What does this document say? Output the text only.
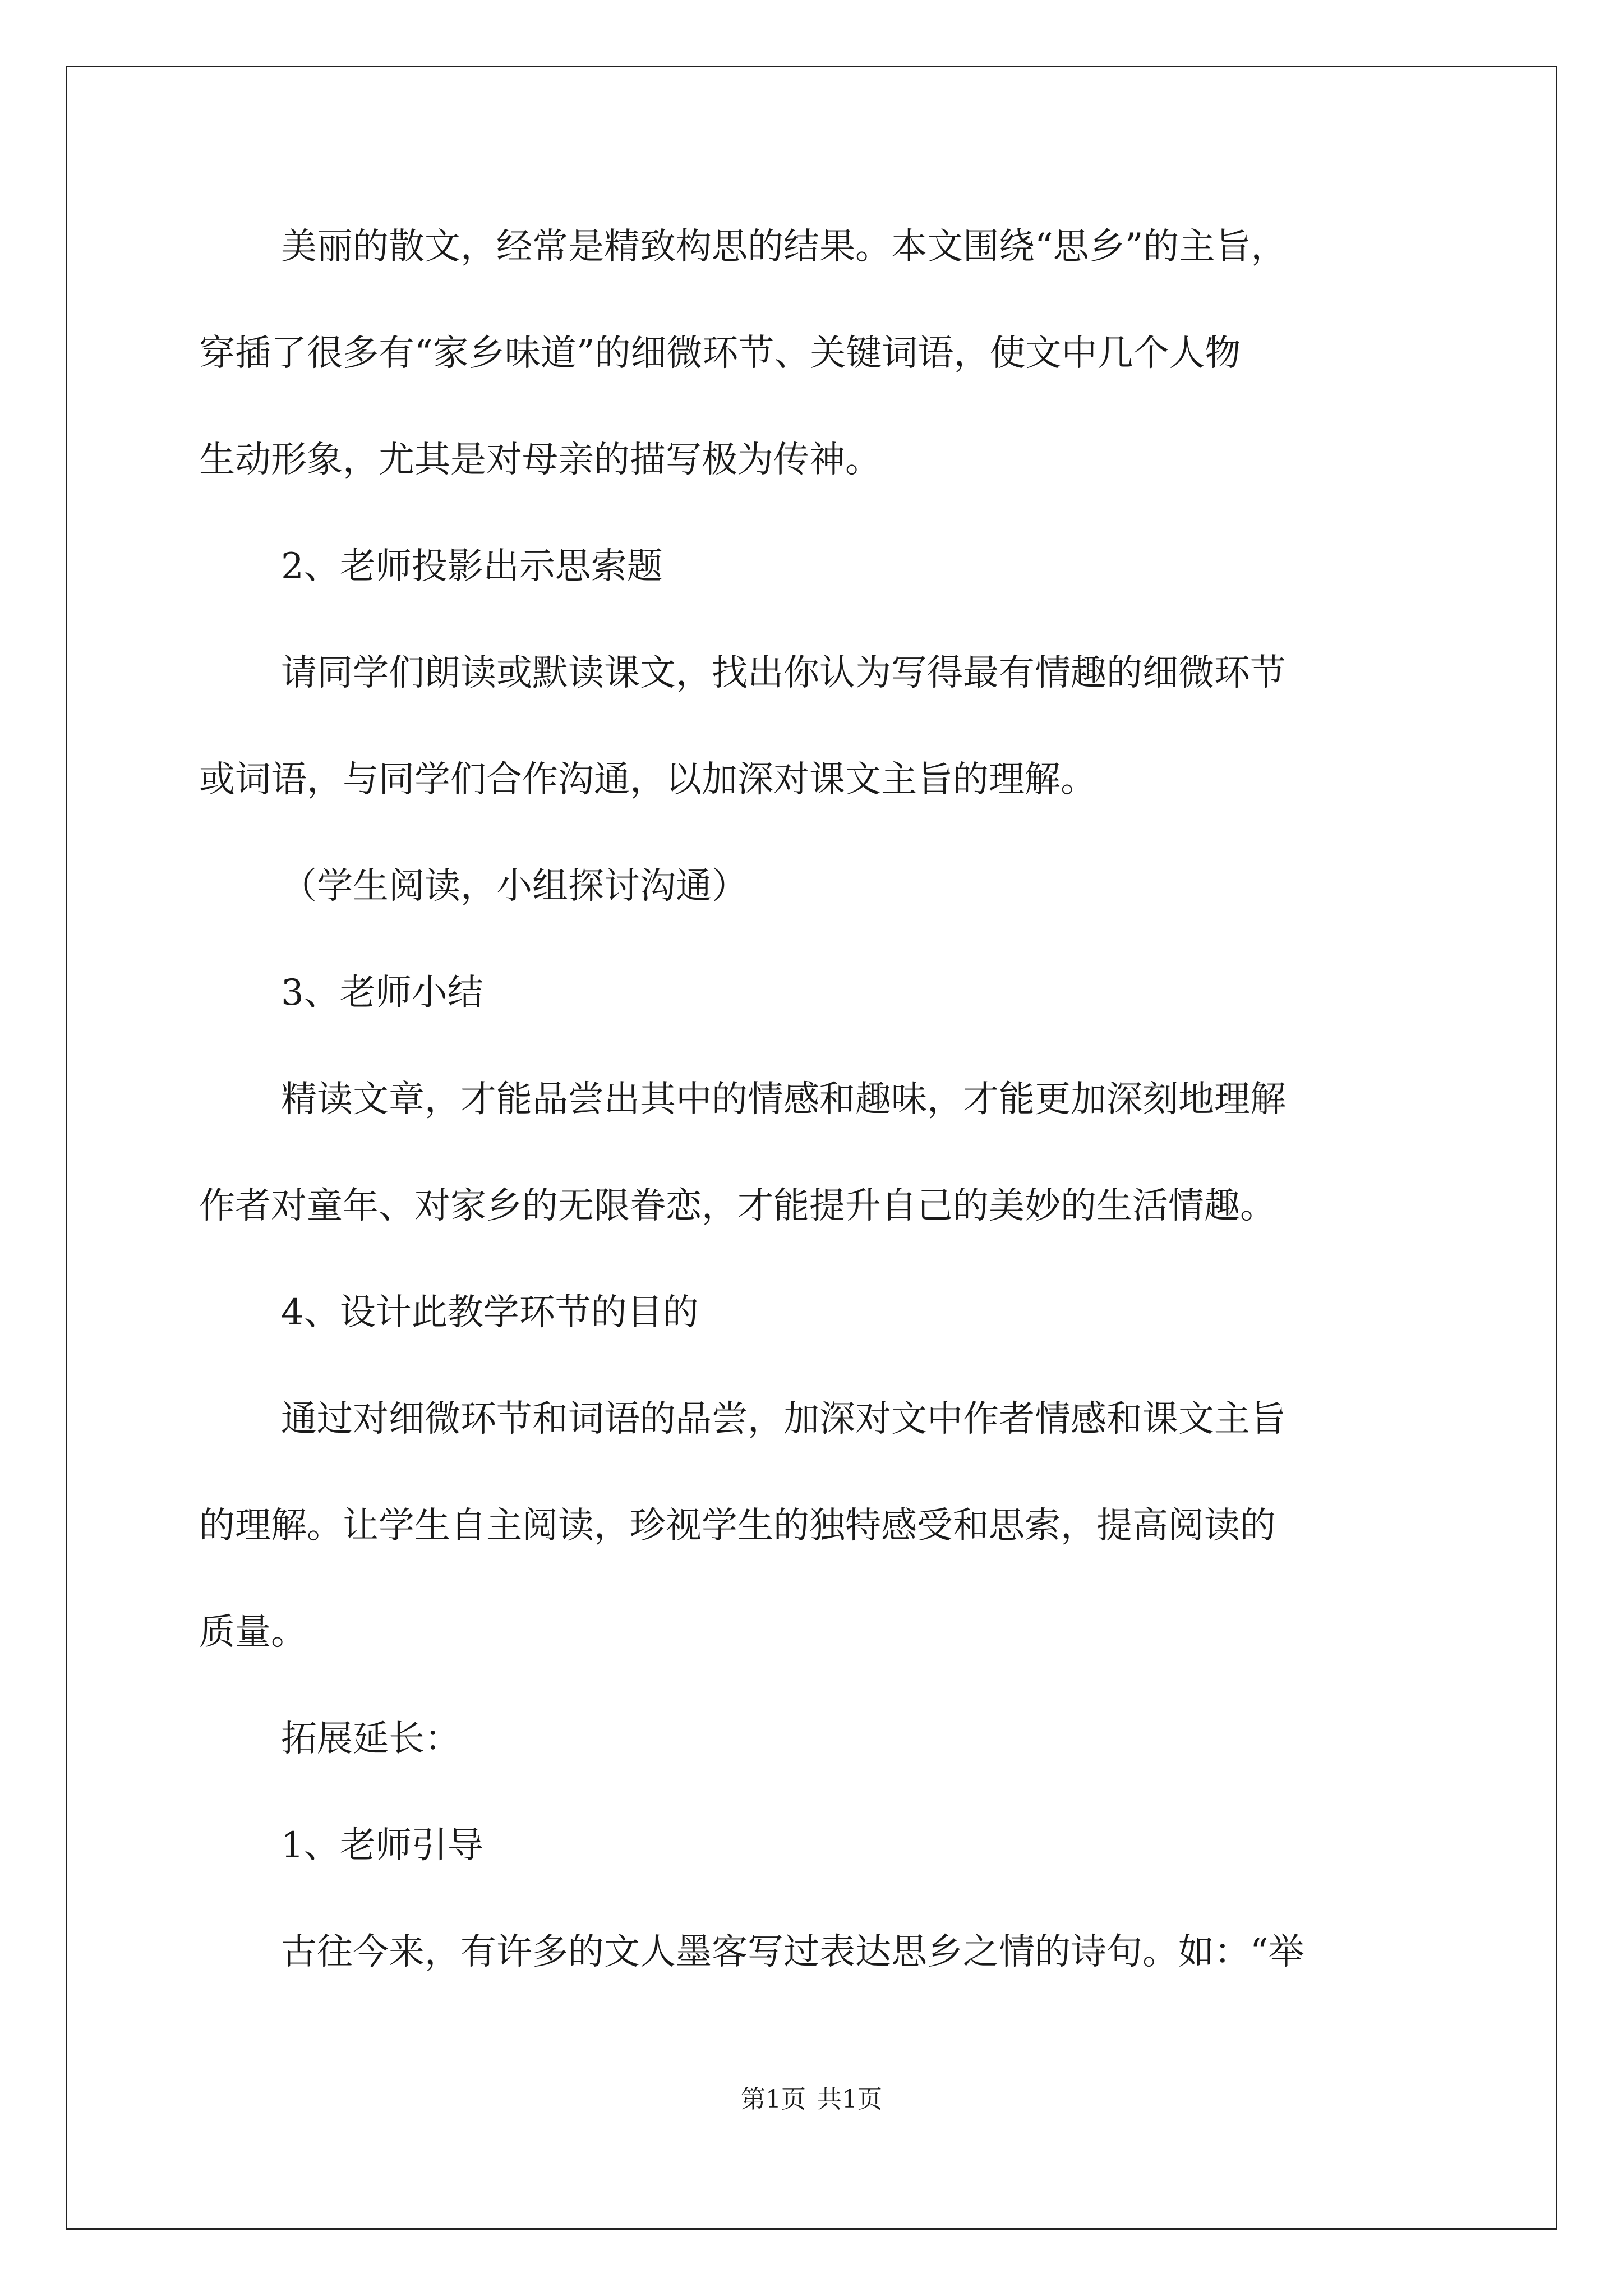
美丽的散文，经常是精致构思的结果。本文围绕“思乡”的主旨，
穿插了很多有“家乡味道”的细微环节、关键词语，使文中几个人物
生动形象，尤其是对母亲的描写极为传神。
2、老师投影出示思索题
请同学们朗读或默读课文，找出你认为写得最有情趣的细微环节
或词语，与同学们合作沟通，以加深对课文主旨的理解。
（学生阅读，小组探讨沟通）
3、老师小结
精读文章，才能品尝出其中的情感和趣味，才能更加深刻地理解
作者对童年、对家乡的无限眷恋，才能提升自己的美妙的生活情趣。
4、设计此教学环节的目的
通过对细微环节和词语的品尝，加深对文中作者情感和课文主旨
的理解。让学生自主阅读，珍视学生的独特感受和思索，提高阅读的
质量。
拓展延长：
1、老师引导
古往今来，有许多的文人墨客写过表达思乡之情的诗句。如：“举
第1页 共1页
